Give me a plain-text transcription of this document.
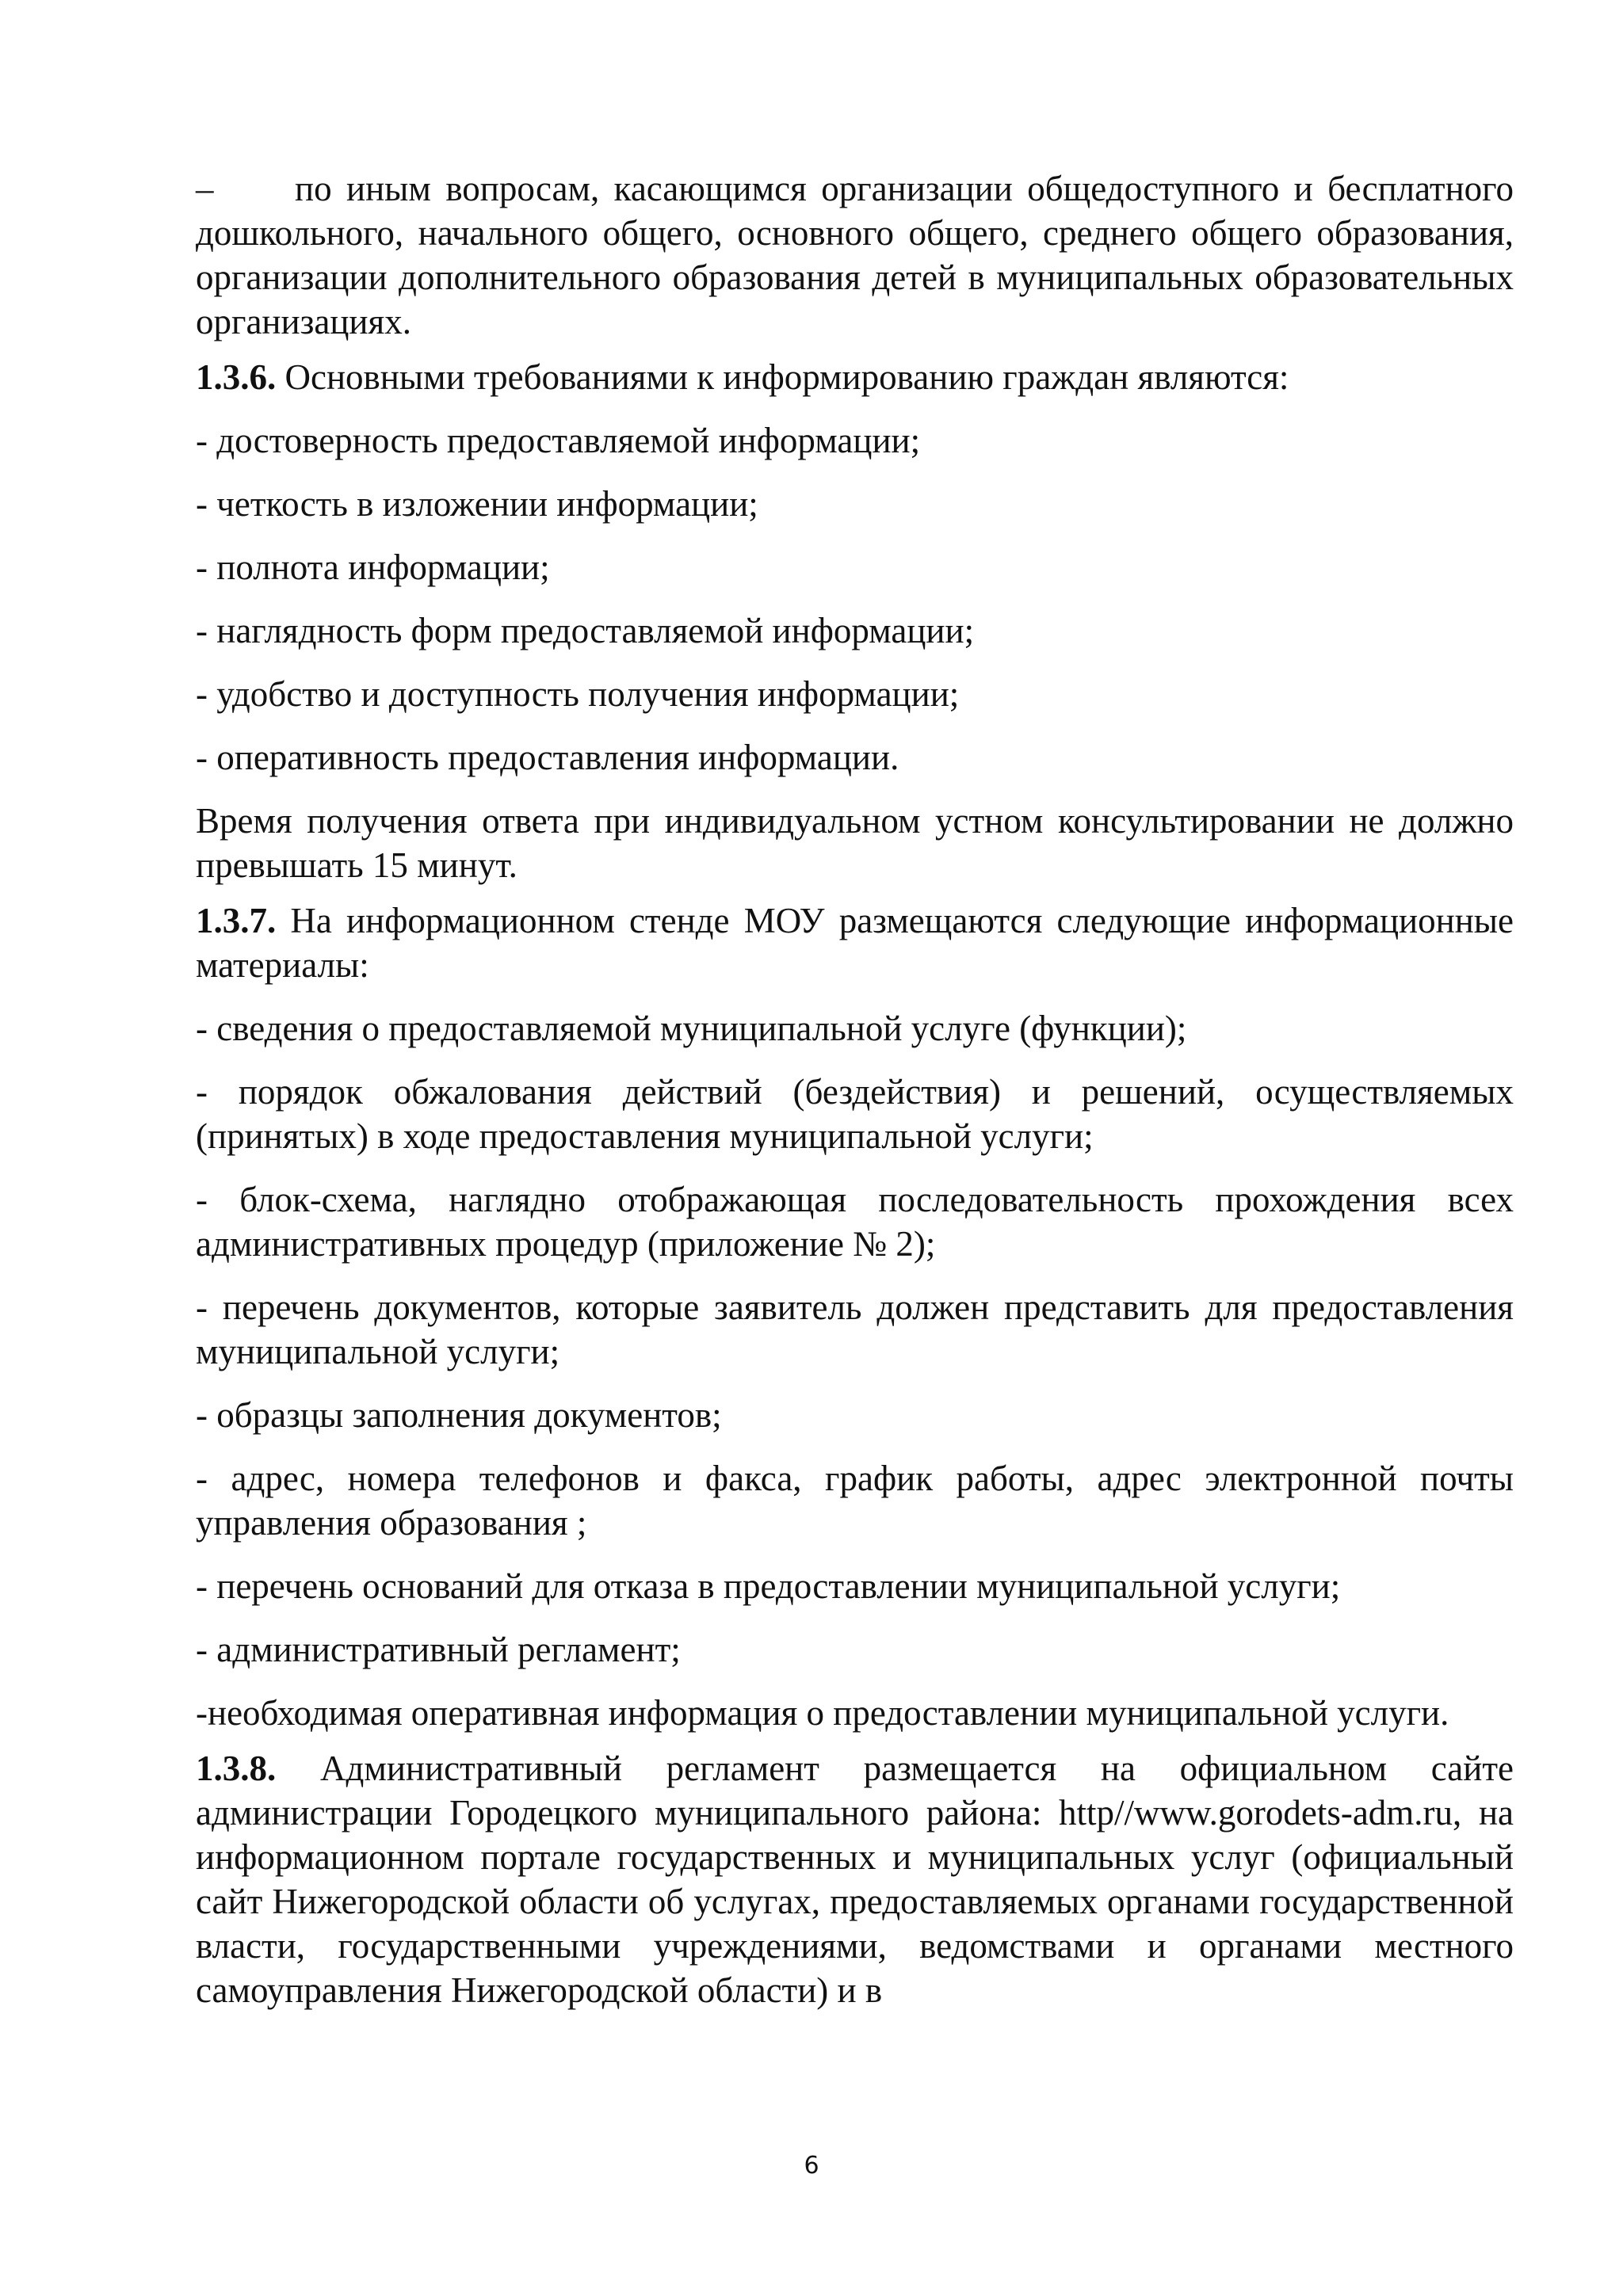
– по иным вопросам, касающимся организации общедоступного и бесплатного дошкольного, начального общего, основного общего, среднего общего образования, организации дополнительного образования детей в муниципальных образовательных организациях.

1.3.6. Основными требованиями к информированию граждан являются:

- достоверность предоставляемой информации;

- четкость в изложении информации;

- полнота информации;

- наглядность форм предоставляемой информации;

- удобство и доступность получения информации;

- оперативность предоставления информации.

Время получения ответа при индивидуальном устном консультировании не должно превышать 15 минут.

1.3.7. На информационном стенде МОУ размещаются следующие информационные материалы:

- сведения о предоставляемой муниципальной услуге (функции);

- порядок обжалования действий (бездействия) и решений, осуществляемых (принятых) в ходе предоставления муниципальной услуги;

- блок-схема, наглядно отображающая последовательность прохождения всех административных процедур (приложение № 2);

- перечень документов, которые заявитель должен представить для предоставления муниципальной услуги;

- образцы заполнения документов;

- адрес, номера телефонов и факса, график работы, адрес электронной почты управления образования ;

- перечень оснований для отказа в предоставлении муниципальной услуги;

- административный регламент;

-необходимая оперативная информация о предоставлении муниципальной услуги.

1.3.8. Административный регламент размещается на официальном сайте администрации Городецкого муниципального района: http//www.gorodets-adm.ru, на информационном портале государственных и муниципальных услуг (официальный сайт Нижегородской области об услугах, предоставляемых органами государственной власти, государственными учреждениями, ведомствами и органами местного самоуправления Нижегородской области) и в

6
